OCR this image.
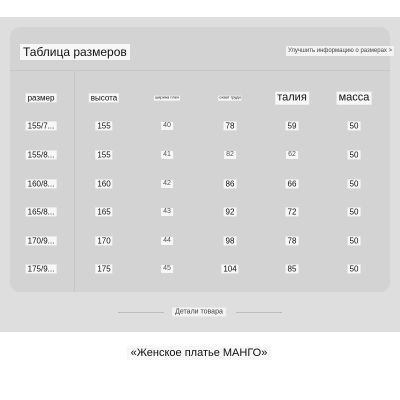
Таблица размеров	Улучшить информацию о размерах >
размер	высота	ширина плеч	охват груди	талия	масса
155/7...	155	40	78	59	50
155/8...	155	41	82	62	50
160/8...	160	42	86	66	50
165/8...	165	43	92	72	50
170/9...	170	44	98	78	50
175/9...	175	45	104	85	50
Детали товара
«Женское платье МАНГО»
